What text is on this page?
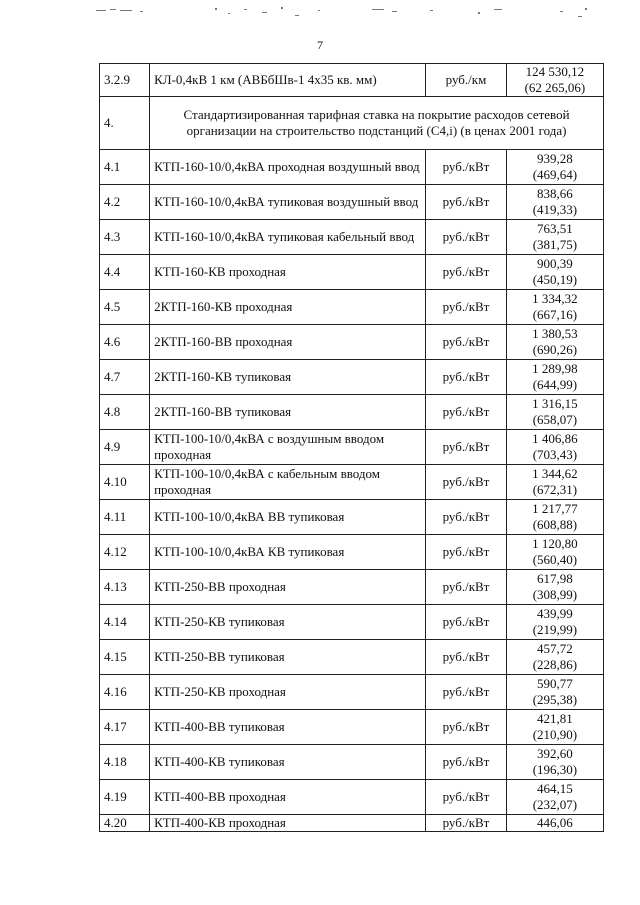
7
3.2.9	КЛ-0,4кВ 1 км (АВБбШв-1 4х35 кв. мм)	руб./км	124 530,12
(62 265,06)

4.	Стандартизированная тарифная ставка на покрытие расходов сетевой организации на строительство подстанций (С4,i) (в ценах 2001 года)		
4.1	КТП-160-10/0,4кВА проходная воздушный ввод	руб./кВт	939,28
(469,64)

4.2	КТП-160-10/0,4кВА тупиковая воздушный ввод	руб./кВт	838,66
(419,33)

4.3	КТП-160-10/0,4кВА тупиковая кабельный ввод	руб./кВт	763,51
(381,75)

4.4	КТП-160-КВ проходная	руб./кВт	900,39
(450,19)

4.5	2КТП-160-КВ проходная	руб./кВт	1 334,32
(667,16)

4.6	2КТП-160-ВВ проходная	руб./кВт	1 380,53
(690,26)

4.7	2КТП-160-КВ тупиковая	руб./кВт	1 289,98
(644,99)

4.8	2КТП-160-ВВ тупиковая	руб./кВт	1 316,15
(658,07)

4.9	КТП-100-10/0,4кВА с воздушным вводом проходная	руб./кВт	1 406,86
(703,43)

4.10	КТП-100-10/0,4кВА с кабельным вводом проходная	руб./кВт	1 344,62
(672,31)

4.11	КТП-100-10/0,4кВА ВВ тупиковая	руб./кВт	1 217,77
(608,88)

4.12	КТП-100-10/0,4кВА КВ тупиковая	руб./кВт	1 120,80
(560,40)

4.13	КТП-250-ВВ проходная	руб./кВт	617,98
(308,99)

4.14	КТП-250-КВ тупиковая	руб./кВт	439,99
(219,99)

4.15	КТП-250-ВВ тупиковая	руб./кВт	457,72
(228,86)

4.16	КТП-250-КВ проходная	руб./кВт	590,77
(295,38)

4.17	КТП-400-ВВ тупиковая	руб./кВт	421,81
(210,90)

4.18	КТП-400-КВ тупиковая	руб./кВт	392,60
(196,30)

4.19	КТП-400-ВВ проходная	руб./кВт	464,15
(232,07)

4.20	КТП-400-КВ проходная	руб./кВт	446,06
